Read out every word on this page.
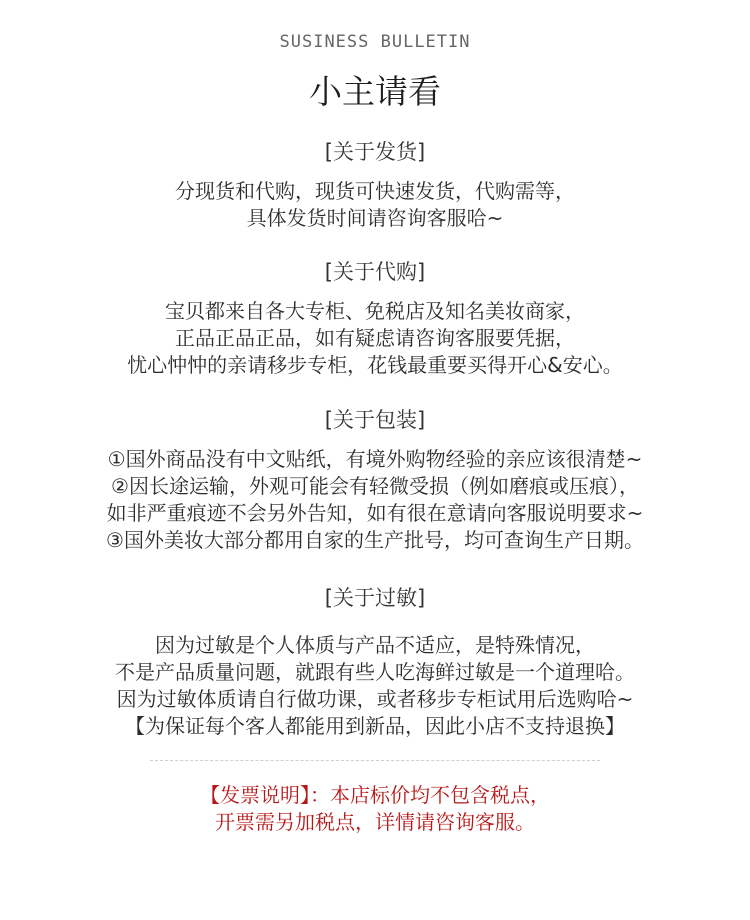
SUSINESS BULLETIN
小主请看
[关于发货]
分现货和代购，现货可快速发货，代购需等，
具体发货时间请咨询客服哈~
[关于代购]
宝贝都来自各大专柜、免税店及知名美妆商家，
正品正品正品，如有疑虑请咨询客服要凭据，
忧心忡忡的亲请移步专柜，花钱最重要买得开心&安心。
[关于包装]
①国外商品没有中文贴纸，有境外购物经验的亲应该很清楚~
②因长途运输，外观可能会有轻微受损（例如磨痕或压痕），
如非严重痕迹不会另外告知，如有很在意请向客服说明要求~
③国外美妆大部分都用自家的生产批号，均可查询生产日期。
[关于过敏]
因为过敏是个人体质与产品不适应，是特殊情况，
不是产品质量问题，就跟有些人吃海鲜过敏是一个道理哈。
因为过敏体质请自行做功课，或者移步专柜试用后选购哈~
【为保证每个客人都能用到新品，因此小店不支持退换】
【发票说明】：本店标价均不包含税点，
开票需另加税点，详情请咨询客服。
